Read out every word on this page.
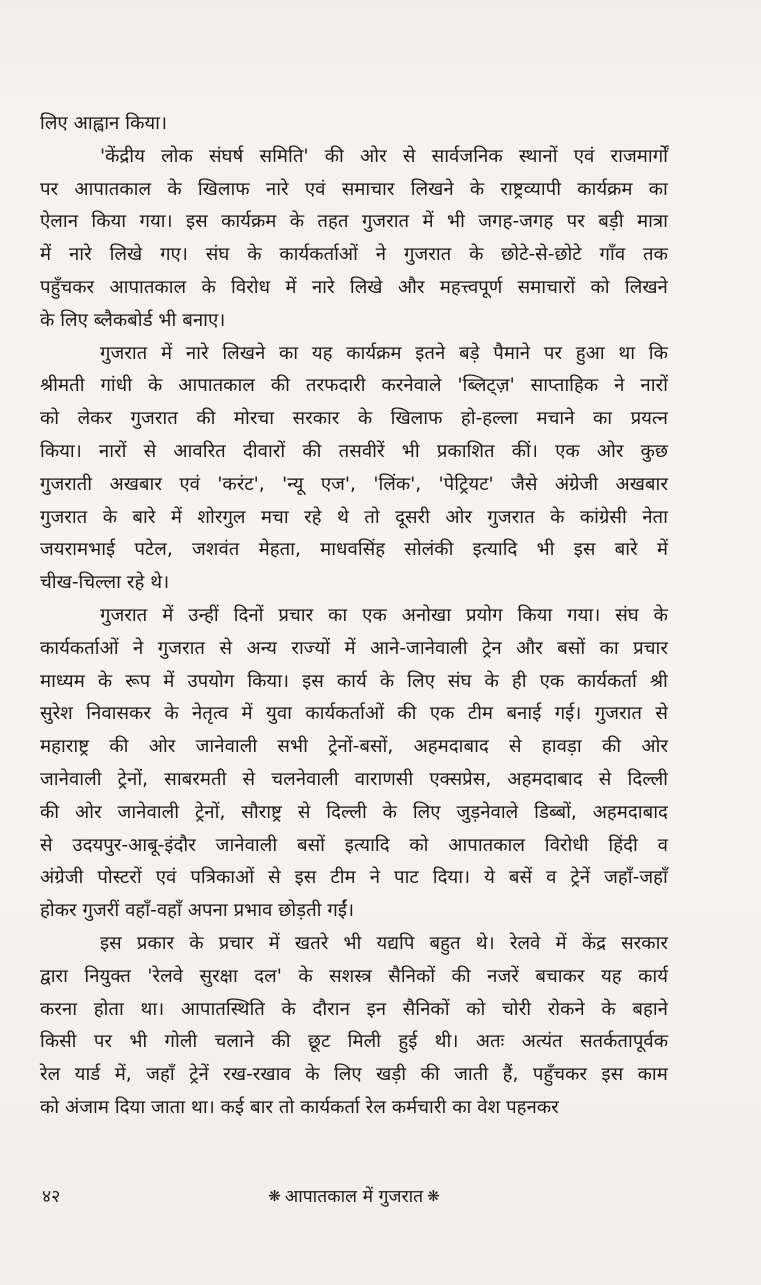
लिए आह्वान किया।
'केंद्रीय लोक संघर्ष समिति' की ओर से सार्वजनिक स्थानों एवं राजमार्गों
पर आपातकाल के खिलाफ नारे एवं समाचार लिखने के राष्ट्रव्यापी कार्यक्रम का
ऐलान किया गया। इस कार्यक्रम के तहत गुजरात में भी जगह-जगह पर बड़ी मात्रा
में नारे लिखे गए। संघ के कार्यकर्ताओं ने गुजरात के छोटे-से-छोटे गाँव तक
पहुँचकर आपातकाल के विरोध में नारे लिखे और महत्त्वपूर्ण समाचारों को लिखने
के लिए ब्लैकबोर्ड भी बनाए।
गुजरात में नारे लिखने का यह कार्यक्रम इतने बड़े पैमाने पर हुआ था कि
श्रीमती गांधी के आपातकाल की तरफदारी करनेवाले 'ब्लिट्ज़' साप्ताहिक ने नारों
को लेकर गुजरात की मोरचा सरकार के खिलाफ हो-हल्ला मचाने का प्रयत्न
किया। नारों से आवरित दीवारों की तसवीरें भी प्रकाशित कीं। एक ओर कुछ
गुजराती अखबार एवं 'करंट', 'न्यू एज', 'लिंक', 'पेट्रियट' जैसे अंग्रेजी अखबार
गुजरात के बारे में शोरगुल मचा रहे थे तो दूसरी ओर गुजरात के कांग्रेसी नेता
जयरामभाई पटेल, जशवंत मेहता, माधवसिंह सोलंकी इत्यादि भी इस बारे में
चीख-चिल्ला रहे थे।
गुजरात में उन्हीं दिनों प्रचार का एक अनोखा प्रयोग किया गया। संघ के
कार्यकर्ताओं ने गुजरात से अन्य राज्यों में आने-जानेवाली ट्रेन और बसों का प्रचार
माध्यम के रूप में उपयोग किया। इस कार्य के लिए संघ के ही एक कार्यकर्ता श्री
सुरेश निवासकर के नेतृत्व में युवा कार्यकर्ताओं की एक टीम बनाई गई। गुजरात से
महाराष्ट्र की ओर जानेवाली सभी ट्रेनों-बसों, अहमदाबाद से हावड़ा की ओर
जानेवाली ट्रेनों, साबरमती से चलनेवाली वाराणसी एक्सप्रेस, अहमदाबाद से दिल्ली
की ओर जानेवाली ट्रेनों, सौराष्ट्र से दिल्ली के लिए जुड़नेवाले डिब्बों, अहमदाबाद
से उदयपुर-आबू-इंदौर जानेवाली बसों इत्यादि को आपातकाल विरोधी हिंदी व
अंग्रेजी पोस्टरों एवं पत्रिकाओं से इस टीम ने पाट दिया। ये बसें व ट्रेनें जहाँ-जहाँ
होकर गुजरीं वहाँ-वहाँ अपना प्रभाव छोड़ती गईं।
इस प्रकार के प्रचार में खतरे भी यद्यपि बहुत थे। रेलवे में केंद्र सरकार
द्वारा नियुक्त 'रेलवे सुरक्षा दल' के सशस्त्र सैनिकों की नजरें बचाकर यह कार्य
करना होता था। आपातस्थिति के दौरान इन सैनिकों को चोरी रोकने के बहाने
किसी पर भी गोली चलाने की छूट मिली हुई थी। अतः अत्यंत सतर्कतापूर्वक
रेल यार्ड में, जहाँ ट्रेनें रख-रखाव के लिए खड़ी की जाती हैं, पहुँचकर इस काम
को अंजाम दिया जाता था। कई बार तो कार्यकर्ता रेल कर्मचारी का वेश पहनकर
४२	❋ आपातकाल में गुजरात ❋
